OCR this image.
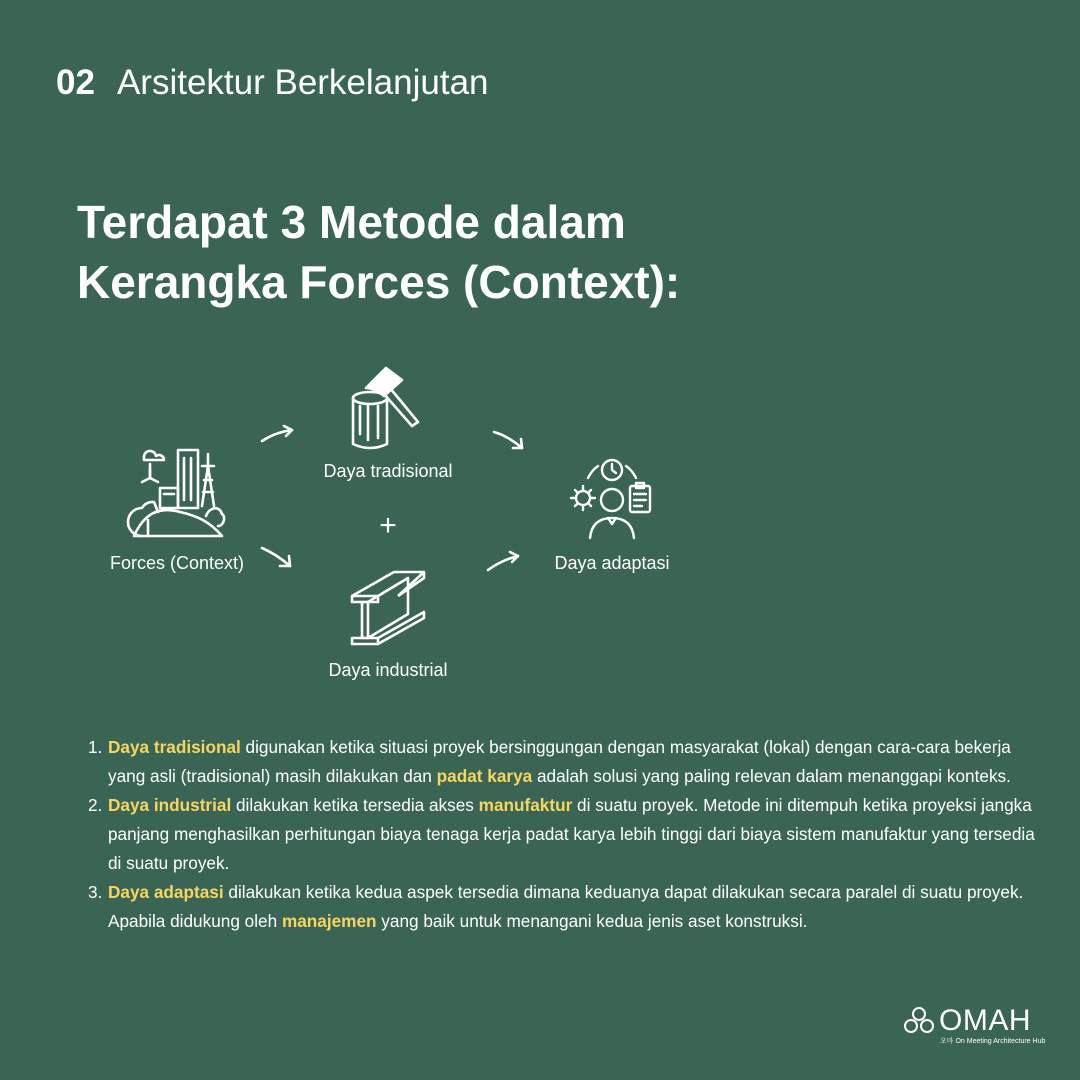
02 Arsitektur Berkelanjutan
Terdapat 3 Metode dalam
Kerangka Forces (Context):
Forces (Context)
Daya tradisional
+
Daya industrial
Daya adaptasi
1. Daya tradisional digunakan ketika situasi proyek bersinggungan dengan masyarakat (lokal) dengan cara-cara bekerja yang asli (tradisional) masih dilakukan dan padat karya adalah solusi yang paling relevan dalam menanggapi konteks.
2. Daya industrial dilakukan ketika tersedia akses manufaktur di suatu proyek. Metode ini ditempuh ketika proyeksi jangka panjang menghasilkan perhitungan biaya tenaga kerja padat karya lebih tinggi dari biaya sistem manufaktur yang tersedia di suatu proyek.
3. Daya adaptasi dilakukan ketika kedua aspek tersedia dimana keduanya dapat dilakukan secara paralel di suatu proyek. Apabila didukung oleh manajemen yang baik untuk menangani kedua jenis aset konstruksi.
OMAH
오마 On Meeting Architecture Hub
